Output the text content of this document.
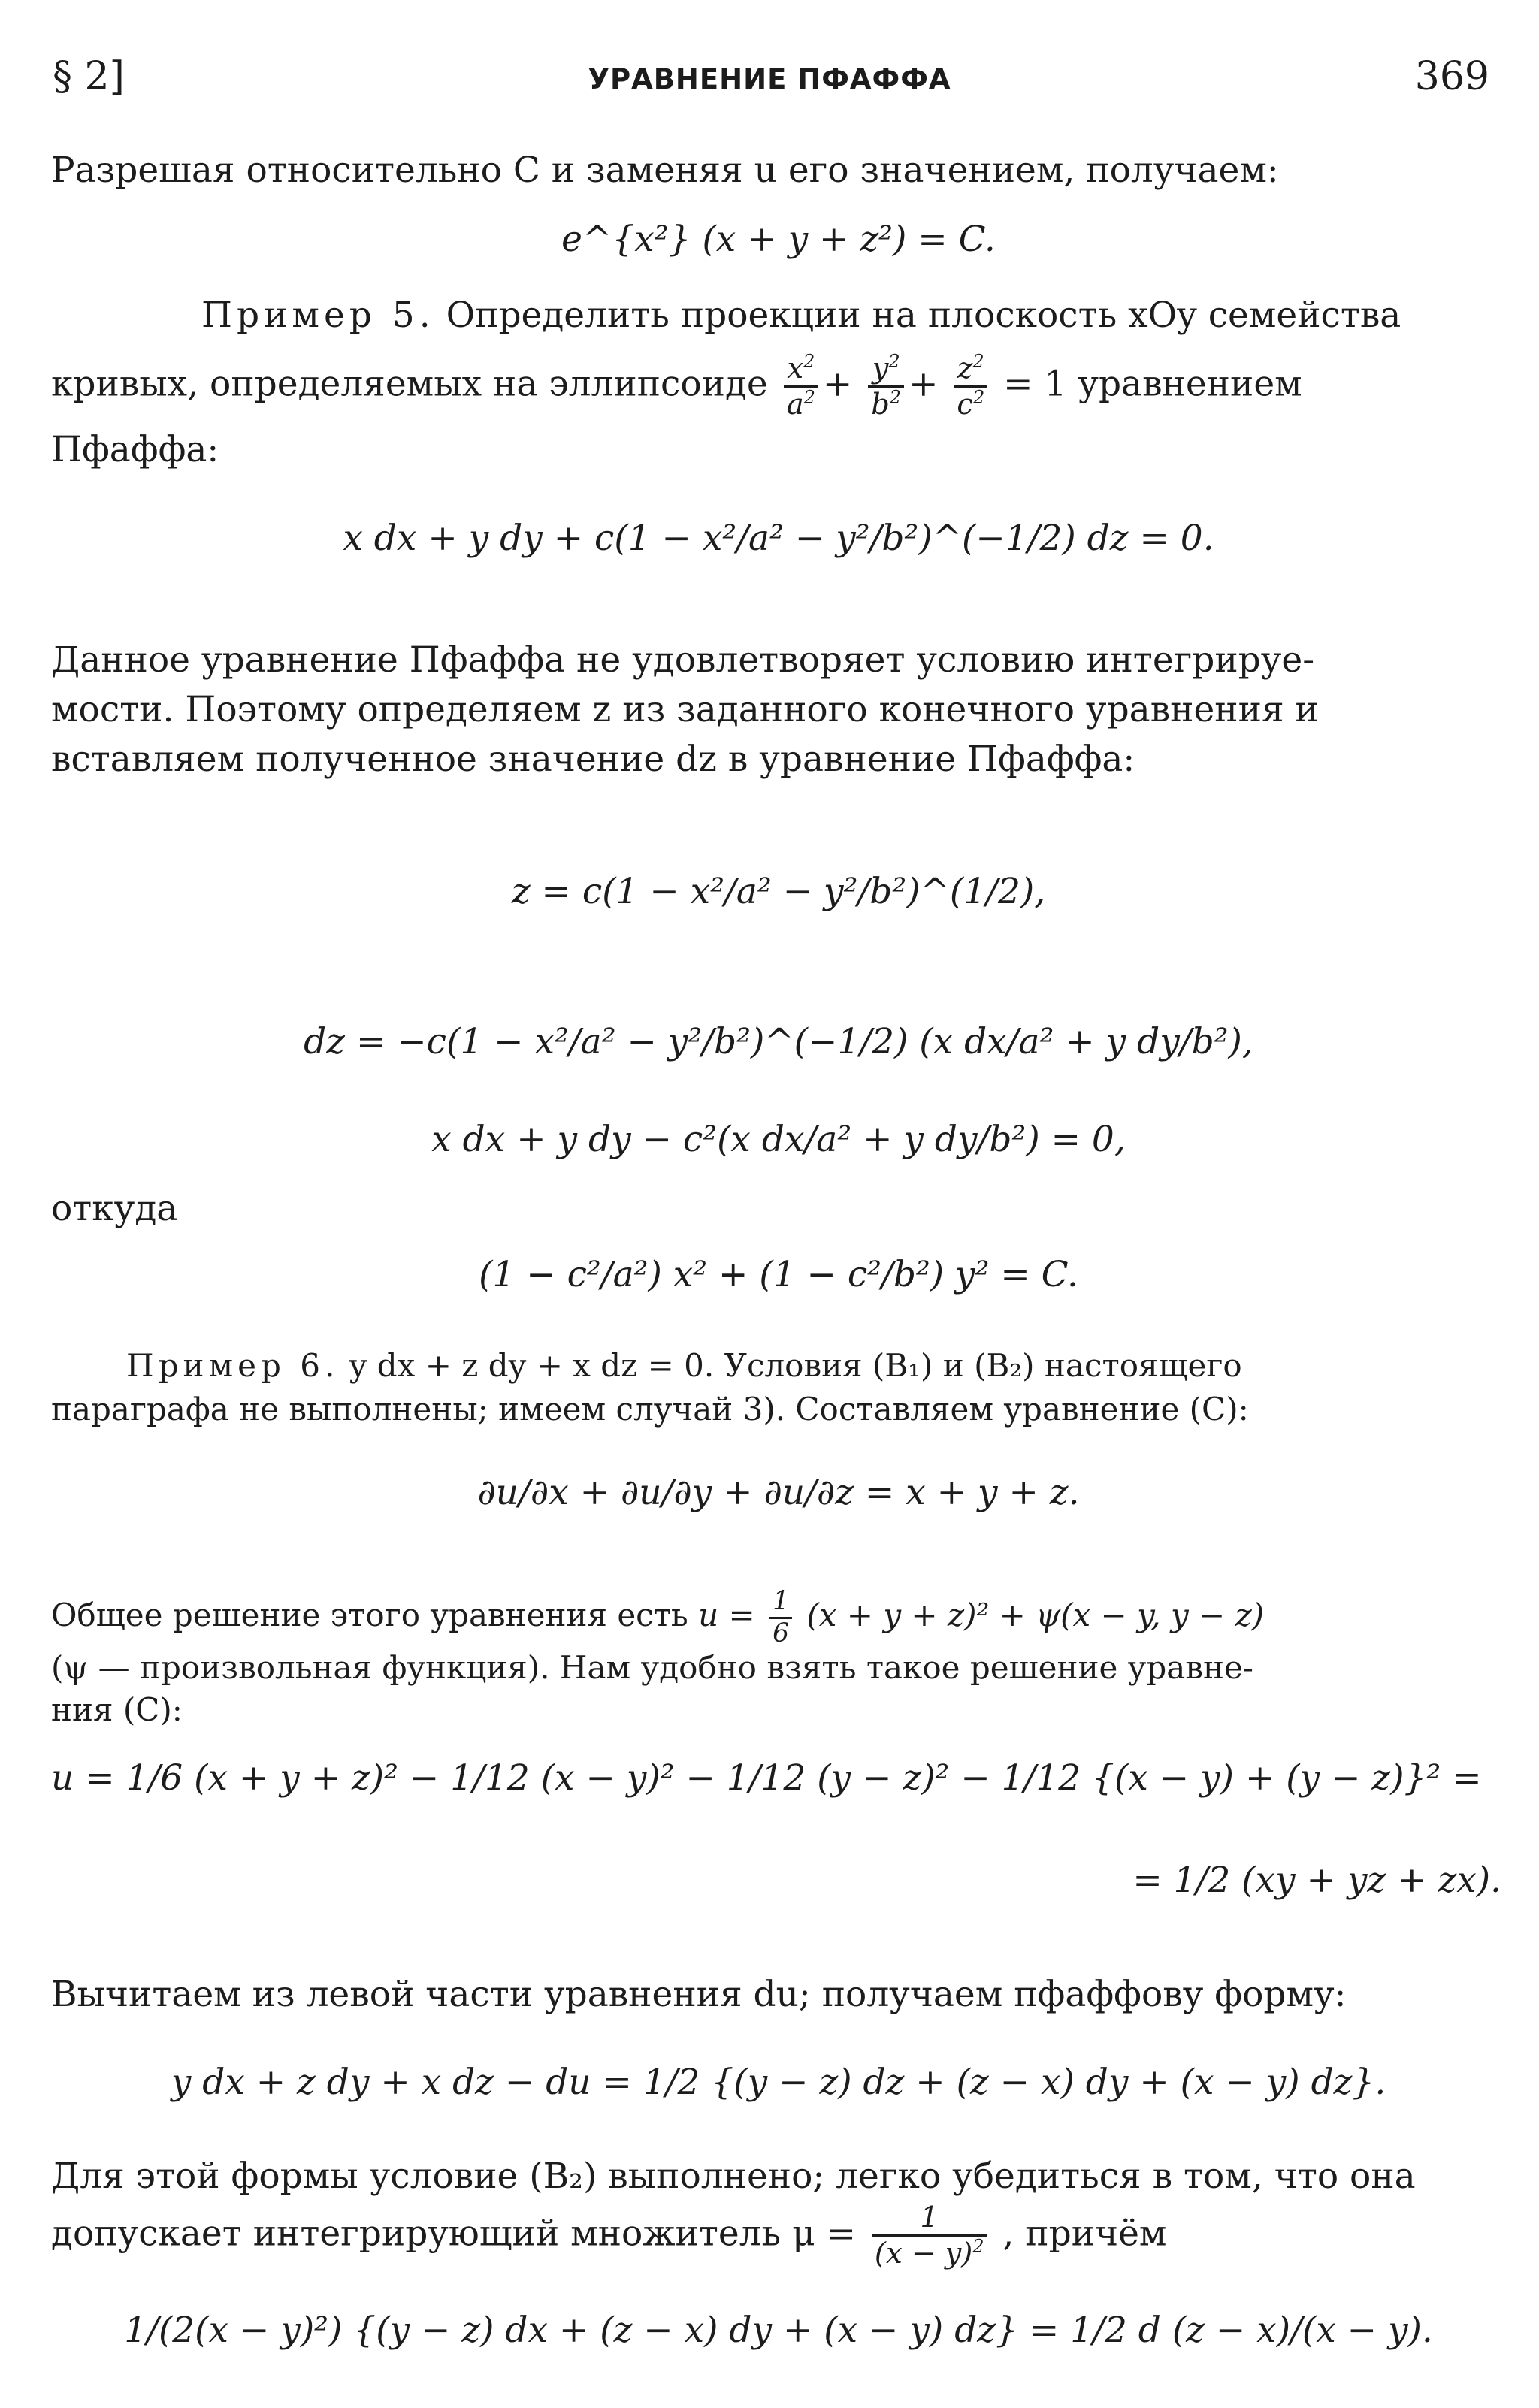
§ 2]	УРАВНЕНИЕ ПФАФФА	369
Разрешая относительно C и заменяя u его значением, получаем:
e^{x²} (x + y + z²) = C.
Пример 5. Определить проекции на плоскость xOy семейства
кривых, определяемых на эллипсоиде $\frac{x^2}{a^2} + \frac{y^2}{b^2} + \frac{z^2}{c^2} = 1$ уравнением
Пфаффа:
x dx + y dy + c(1 − x²/a² − y²/b²)^(−1/2) dz = 0.
Данное уравнение Пфаффа не удовлетворяет условию интегрируе-
мости. Поэтому определяем z из заданного конечного уравнения и
вставляем полученное значение dz в уравнение Пфаффа:
z = c(1 − x²/a² − y²/b²)^(1/2),
dz = −c(1 − x²/a² − y²/b²)^(−1/2) (x dx/a² + y dy/b²),
x dx + y dy − c²(x dx/a² + y dy/b²) = 0,
откуда
(1 − c²/a²) x² + (1 − c²/b²) y² = C.
Пример 6. y dx + z dy + x dz = 0. Условия (B₁) и (B₂) настоящего
параграфа не выполнены; имеем случай 3). Составляем уравнение (C):
∂u/∂x + ∂u/∂y + ∂u/∂z = x + y + z.
Общее решение этого уравнения есть $u = \frac{1}{6} (x + y + z)^2 + \psi(x - y$, y − z)
(ψ — произвольная функция). Нам удобно взять такое решение уравне-
ния (C):
u = 1/6 (x + y + z)² − 1/12 (x − y)² − 1/12 (y − z)² − 1/12 {(x − y) + (y − z)}² =
= 1/2 (xy + yz + zx).
Вычитаем из левой части уравнения du; получаем пфаффову форму:
y dx + z dy + x dz − du = 1/2 {(y − z) dz + (z − x) dy + (x − y) dz}.
Для этой формы условие (B₂) выполнено; легко убедиться в том, что она
допускает интегрирующий множитель $\mu = \frac{1}{(x - y)^2}$ , причём
1/(2(x − y)²) {(y − z) dx + (z − x) dy + (x − y) dz} = 1/2 d (z − x)/(x − y).
